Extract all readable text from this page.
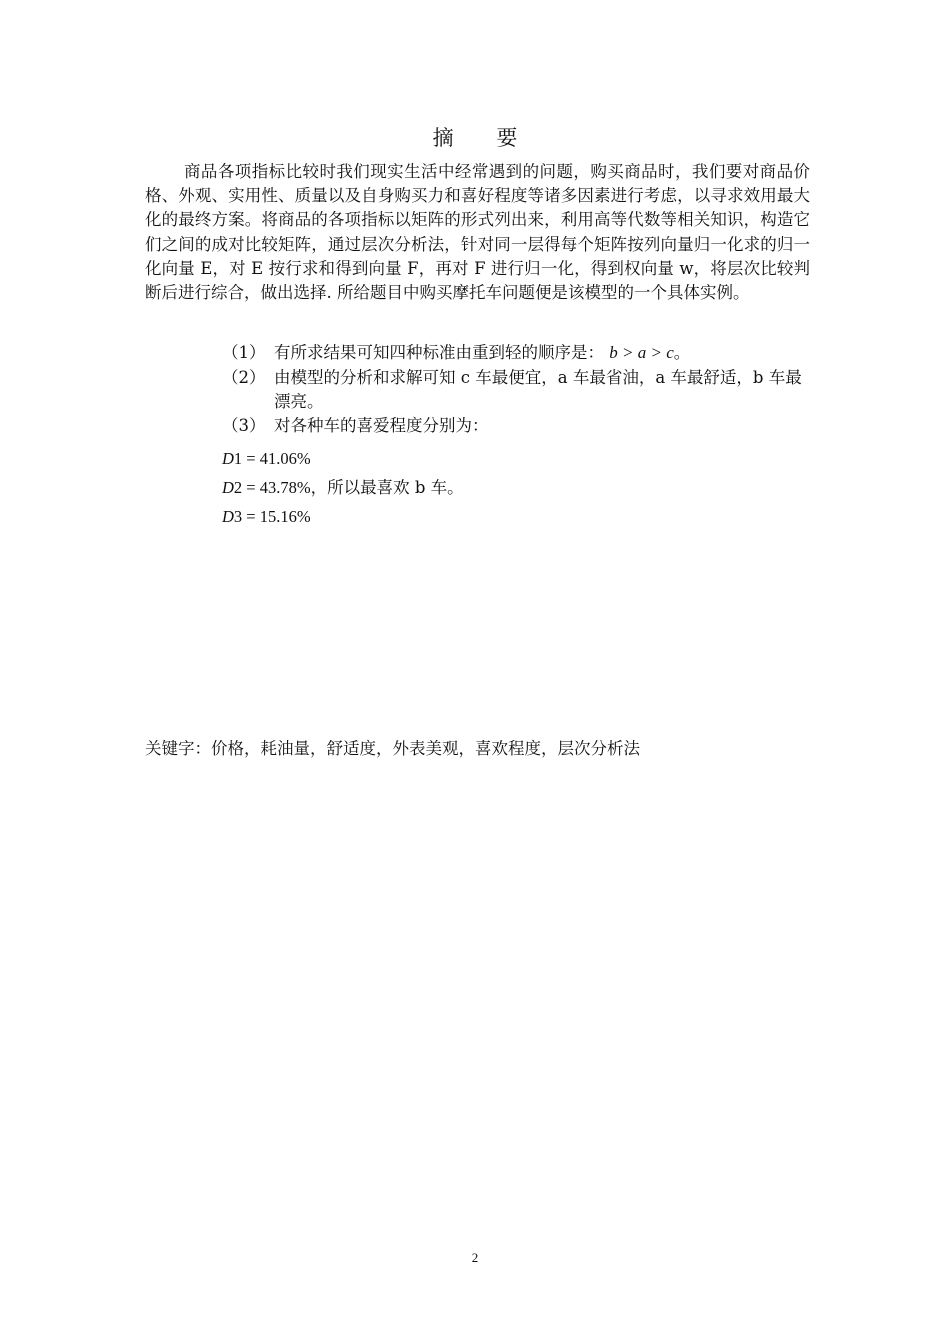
摘 要

商品各项指标比较时我们现实生活中经常遇到的问题，购买商品时，我们要对商品价格、外观、实用性、质量以及自身购买力和喜好程度等诸多因素进行考虑，以寻求效用最大化的最终方案。将商品的各项指标以矩阵的形式列出来，利用高等代数等相关知识，构造它们之间的成对比较矩阵，通过层次分析法，针对同一层得每个矩阵按列向量归一化求的归一化向量 E，对 E 按行求和得到向量 F，再对 F 进行归一化，得到权向量 w，将层次比较判断后进行综合，做出选择. 所给题目中购买摩托车问题便是该模型的一个具体实例。

（1） 有所求结果可知四种标准由重到轻的顺序是： b > a > c。
（2） 由模型的分析和求解可知 c 车最便宜，a 车最省油，a 车最舒适，b 车最漂亮。
（3） 对各种车的喜爱程度分别为：
D1 = 41.06%
D2 = 43.78%，所以最喜欢 b 车。
D3 = 15.16%
关键字：价格，耗油量，舒适度，外表美观，喜欢程度，层次分析法
2
